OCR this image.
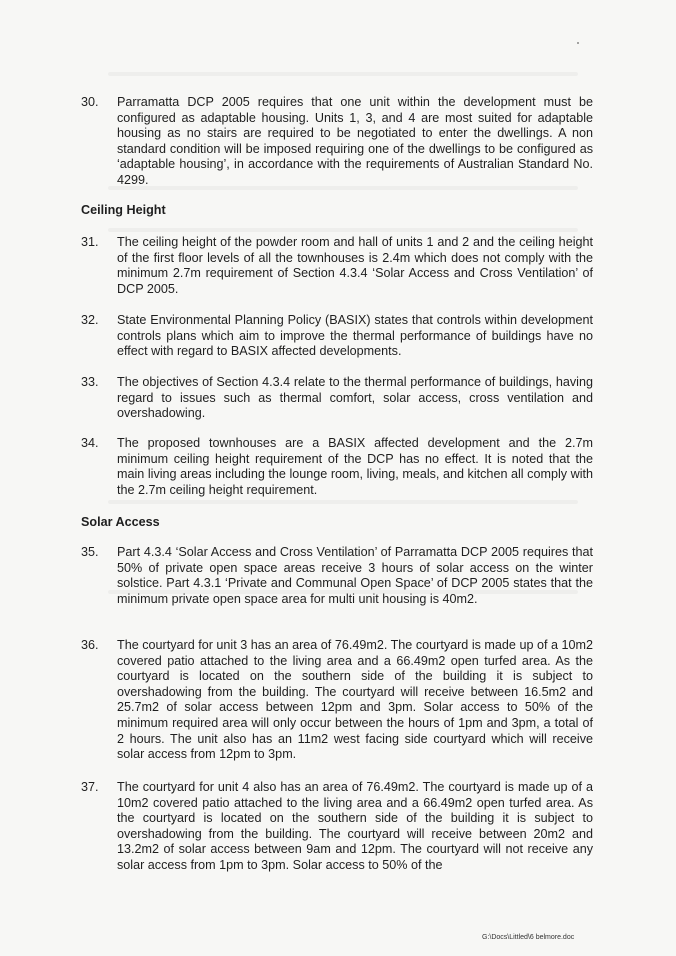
30.	Parramatta DCP 2005 requires that one unit within the development must be configured as adaptable housing. Units 1, 3, and 4 are most suited for adaptable housing as no stairs are required to be negotiated to enter the dwellings. A non standard condition will be imposed requiring one of the dwellings to be configured as ‘adaptable housing’, in accordance with the requirements of Australian Standard No. 4299.
Ceiling Height
31.	The ceiling height of the powder room and hall of units 1 and 2 and the ceiling height of the first floor levels of all the townhouses is 2.4m which does not comply with the minimum 2.7m requirement of Section 4.3.4 ‘Solar Access and Cross Ventilation’ of DCP 2005.
32.	State Environmental Planning Policy (BASIX) states that controls within development controls plans which aim to improve the thermal performance of buildings have no effect with regard to BASIX affected developments.
33.	The objectives of Section 4.3.4 relate to the thermal performance of buildings, having regard to issues such as thermal comfort, solar access, cross ventilation and overshadowing.
34.	The proposed townhouses are a BASIX affected development and the 2.7m minimum ceiling height requirement of the DCP has no effect. It is noted that the main living areas including the lounge room, living, meals, and kitchen all comply with the 2.7m ceiling height requirement.
Solar Access
35.	Part 4.3.4 ‘Solar Access and Cross Ventilation’ of Parramatta DCP 2005 requires that 50% of private open space areas receive 3 hours of solar access on the winter solstice. Part 4.3.1 ‘Private and Communal Open Space’ of DCP 2005 states that the minimum private open space area for multi unit housing is 40m2.
36.	The courtyard for unit 3 has an area of 76.49m2. The courtyard is made up of a 10m2 covered patio attached to the living area and a 66.49m2 open turfed area. As the courtyard is located on the southern side of the building it is subject to overshadowing from the building. The courtyard will receive between 16.5m2 and 25.7m2 of solar access between 12pm and 3pm. Solar access to 50% of the minimum required area will only occur between the hours of 1pm and 3pm, a total of 2 hours. The unit also has an 11m2 west facing side courtyard which will receive solar access from 12pm to 3pm.
37.	The courtyard for unit 4 also has an area of 76.49m2. The courtyard is made up of a 10m2 covered patio attached to the living area and a 66.49m2 open turfed area. As the courtyard is located on the southern side of the building it is subject to overshadowing from the building. The courtyard will receive between 20m2 and 13.2m2 of solar access between 9am and 12pm. The courtyard will not receive any solar access from 1pm to 3pm. Solar access to 50% of the
G:\Docs\Littled\6 belmore.doc
